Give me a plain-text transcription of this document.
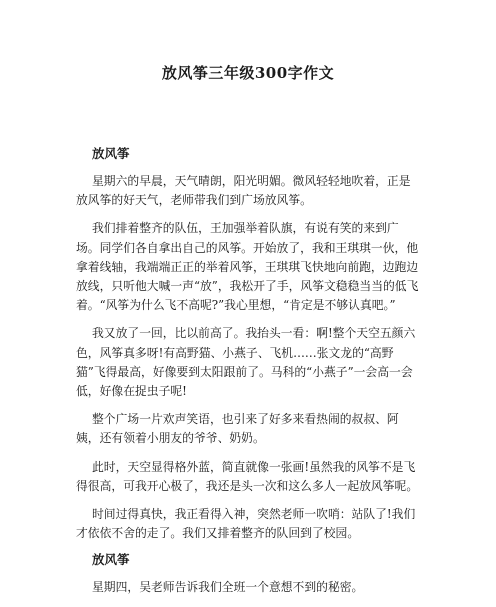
放风筝三年级300字作文
放风筝

星期六的早晨，天气晴朗，阳光明媚。微风轻轻地吹着，正是放风筝的好天气，老师带我们到广场放风筝。

我们排着整齐的队伍，王加强举着队旗，有说有笑的来到广场。同学们各自拿出自己的风筝。开始放了，我和王琪琪一伙，他拿着线轴，我端端正正的举着风筝，王琪琪飞快地向前跑，边跑边放线，只听他大喊一声“放”，我松开了手，风筝文稳稳当当的低飞着。“风筝为什么飞不高呢?”我心里想，“肯定是不够认真吧。”

我又放了一回，比以前高了。我抬头一看：啊!整个天空五颜六色，风筝真多呀!有高野猫、小燕子、飞机……张文龙的“高野猫”飞得最高，好像要到太阳跟前了。马科的“小燕子”一会高一会低，好像在捉虫子呢!

整个广场一片欢声笑语，也引来了好多来看热闹的叔叔、阿姨，还有领着小朋友的爷爷、奶奶。

此时，天空显得格外蓝，简直就像一张画!虽然我的风筝不是飞得很高，可我开心极了，我还是头一次和这么多人一起放风筝呢。

时间过得真快，我正看得入神，突然老师一吹哨：站队了!我们才依依不舍的走了。我们又排着整齐的队回到了校园。

放风筝

星期四，吴老师告诉我们全班一个意想不到的秘密。
